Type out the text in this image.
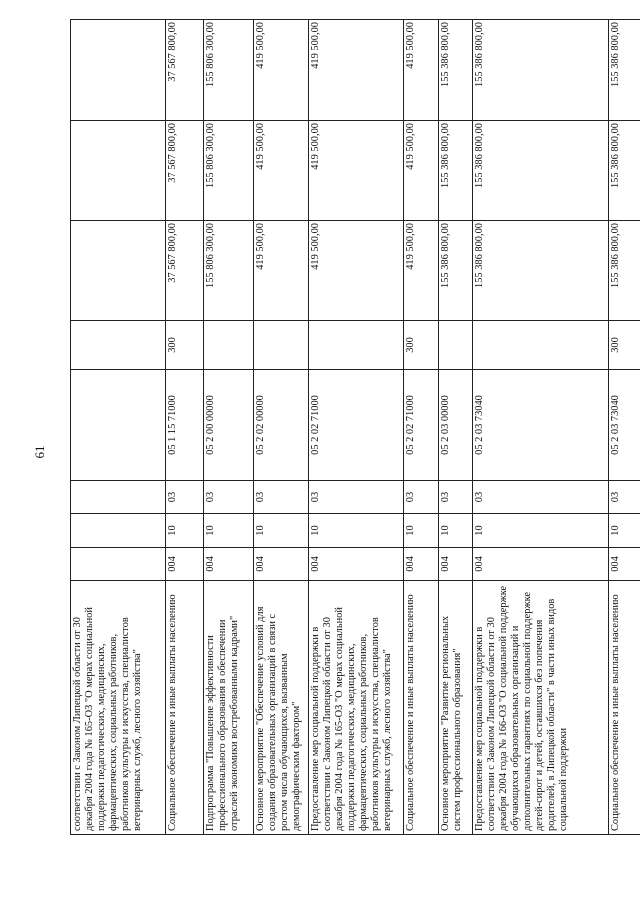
61
соответствии с Законом Липецкой области от 30 декабря 2004 года № 165-ОЗ "О мерах социальной поддержки педагогических, медицинских, фармацевтических, социальных работников, работников культуры и искусства, специалистов ветеринарных служб, лесного хозяйства"								
Социальное обеспечение и иные выплаты населению	004	10	03	05 1 15 71000	300	37 567 800,00	37 567 800,00	37 567 800,00
Подпрограмма "Повышение эффективности профессионального образования в обеспечении отраслей экономики востребованными кадрами"	004	10	03	05 2 00 00000		155 806 300,00	155 806 300,00	155 806 300,00
Основное мероприятие "Обеспечение условий для создания образовательных организаций в связи с ростом числа обучающихся, вызванным демографическим фактором"	004	10	03	05 2 02 00000		419 500,00	419 500,00	419 500,00
Предоставление мер социальной поддержки в соответствии с Законом Липецкой области от 30 декабря 2004 года № 165-ОЗ "О мерах социальной поддержки педагогических, медицинских, фармацевтических, социальных работников, работников культуры и искусства, специалистов ветеринарных служб, лесного хозяйства"	004	10	03	05 2 02 71000		419 500,00	419 500,00	419 500,00
Социальное обеспечение и иные выплаты населению	004	10	03	05 2 02 71000	300	419 500,00	419 500,00	419 500,00
Основное мероприятие "Развитие региональных систем профессионального образования"	004	10	03	05 2 03 00000		155 386 800,00	155 386 800,00	155 386 800,00
Предоставление мер социальной поддержки в соответствии с Законом Липецкой области от 30 декабря 2004 года № 166-ОЗ "О социальной поддержке обучающихся образовательных организаций и дополнительных гарантиях по социальной поддержке детей-сирот и детей, оставшихся без попечения родителей, в Липецкой области" в части иных видов социальной поддержки	004	10	03	05 2 03 73040		155 386 800,00	155 386 800,00	155 386 800,00
Социальное обеспечение и иные выплаты населению	004	10	03	05 2 03 73040	300	155 386 800,00	155 386 800,00	155 386 800,00
